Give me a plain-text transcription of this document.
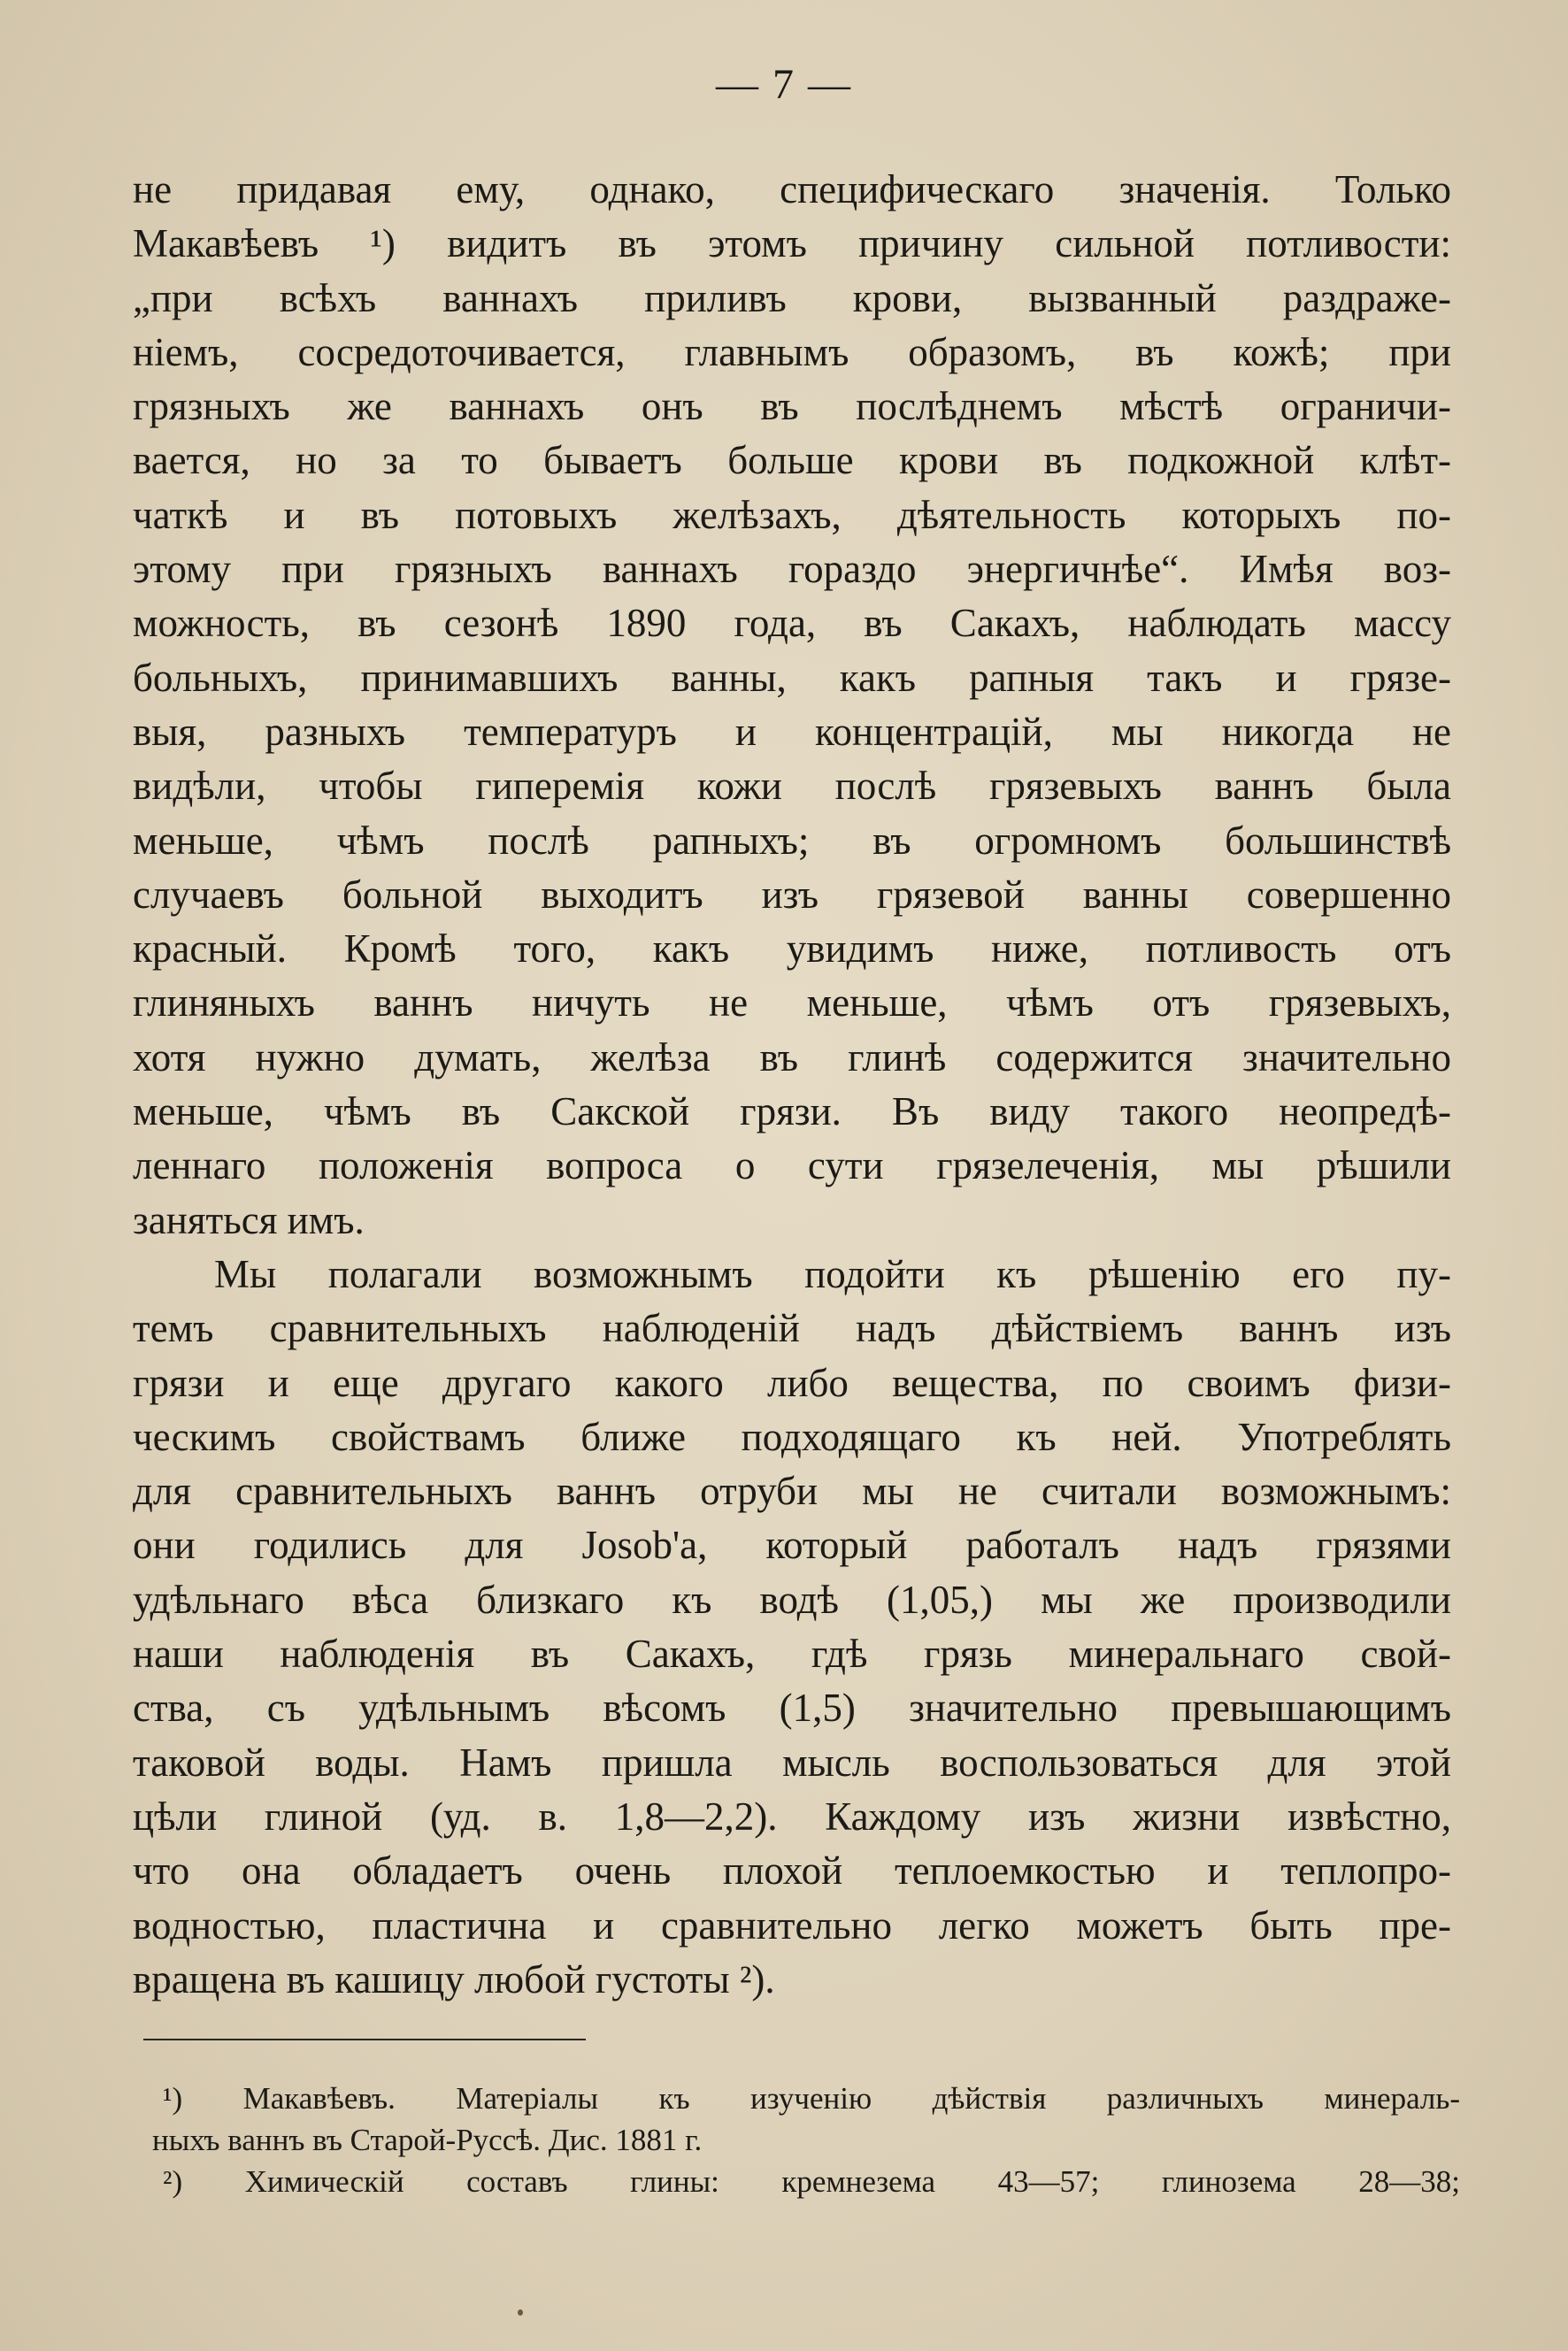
— 7 —
не придавая ему, однако, специфическаго значенія. Только
Макавѣевъ ¹) видитъ въ этомъ причину сильной потливости:
„при всѣхъ ваннахъ приливъ крови, вызванный раздраже-
ніемъ, сосредоточивается, главнымъ образомъ, въ кожѣ; при
грязныхъ же ваннахъ онъ въ послѣднемъ мѣстѣ ограничи-
вается, но за то бываетъ больше крови въ подкожной клѣт-
чаткѣ и въ потовыхъ желѣзахъ, дѣятельность которыхъ по-
этому при грязныхъ ваннахъ гораздо энергичнѣе“. Имѣя воз-
можность, въ сезонѣ 1890 года, въ Сакахъ, наблюдать массу
больныхъ, принимавшихъ ванны, какъ рапныя такъ и грязе-
выя, разныхъ температуръ и концентрацій, мы никогда не
видѣли, чтобы гиперемія кожи послѣ грязевыхъ ваннъ была
меньше, чѣмъ послѣ рапныхъ; въ огромномъ большинствѣ
случаевъ больной выходитъ изъ грязевой ванны совершенно
красный. Кромѣ того, какъ увидимъ ниже, потливость отъ
глиняныхъ ваннъ ничуть не меньше, чѣмъ отъ грязевыхъ,
хотя нужно думать, желѣза въ глинѣ содержится значительно
меньше, чѣмъ въ Сакской грязи. Въ виду такого неопредѣ-
леннаго положенія вопроса о сути грязелеченія, мы рѣшили
заняться имъ.
Мы полагали возможнымъ подойти къ рѣшенію его пу-
темъ сравнительныхъ наблюденій надъ дѣйствіемъ ваннъ изъ
грязи и еще другаго какого либо вещества, по своимъ физи-
ческимъ свойствамъ ближе подходящаго къ ней. Употреблять
для сравнительныхъ ваннъ отруби мы не считали возможнымъ:
они годились для Josob'а, который работалъ надъ грязями
удѣльнаго вѣса близкаго къ водѣ (1,05,) мы же производили
наши наблюденія въ Сакахъ, гдѣ грязь минеральнаго свой-
ства, съ удѣльнымъ вѣсомъ (1,5) значительно превышающимъ
таковой воды. Намъ пришла мысль воспользоваться для этой
цѣли глиной (уд. в. 1,8—2,2). Каждому изъ жизни извѣстно,
что она обладаетъ очень плохой теплоемкостью и теплопро-
водностью, пластична и сравнительно легко можетъ быть пре-
вращена въ кашицу любой густоты ²).
¹) Макавѣевъ. Матеріалы къ изученію дѣйствія различныхъ минераль-
ныхъ ваннъ въ Старой-Руссѣ. Дис. 1881 г.
²) Химическій составъ глины: кремнезема 43—57; глинозема 28—38;
